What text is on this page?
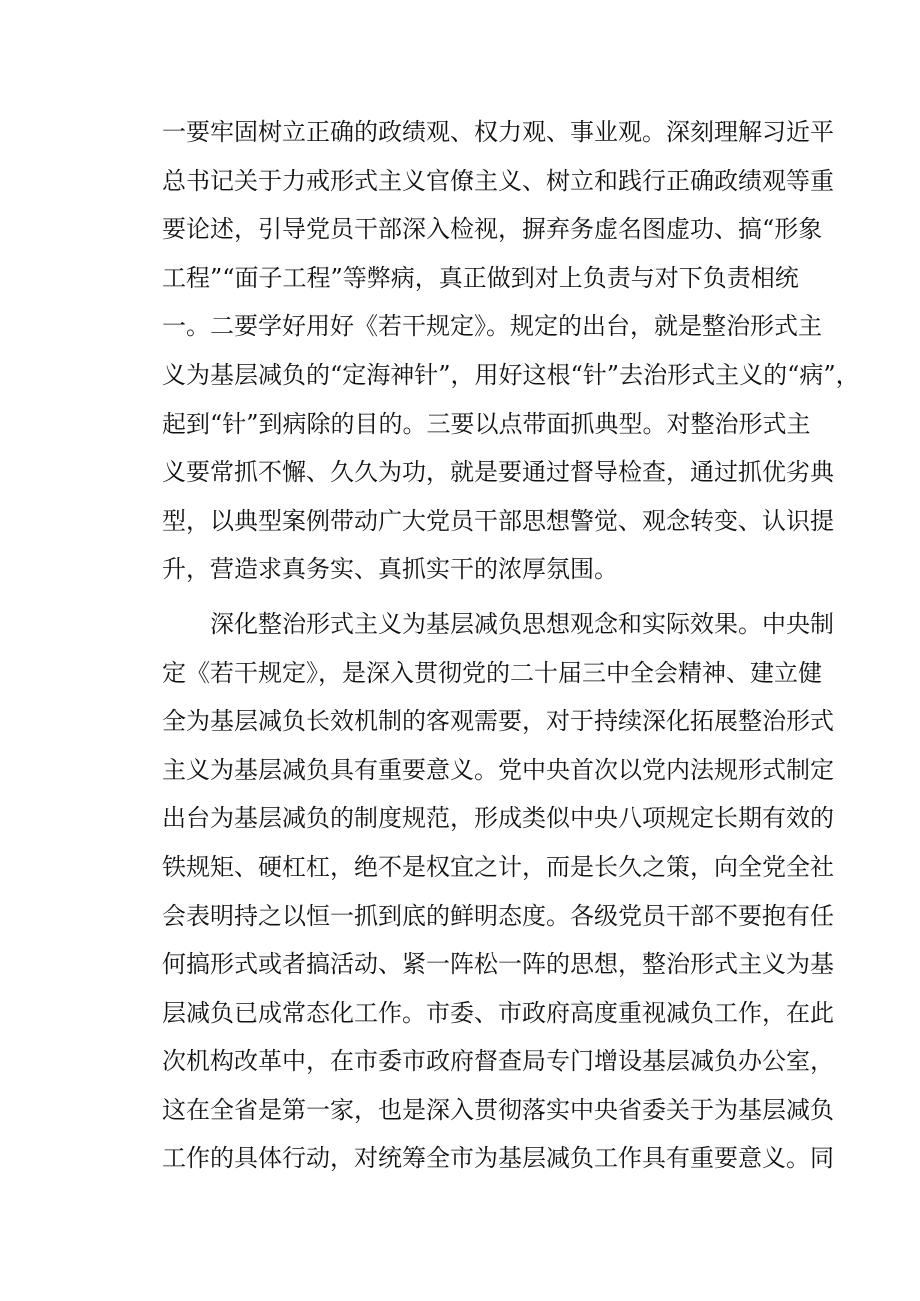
一要牢固树立正确的政绩观、权力观、事业观。深刻理解习近平
总书记关于力戒形式主义官僚主义、树立和践行正确政绩观等重
要论述，引导党员干部深入检视，摒弃务虚名图虚功、搞“形象
工程”“面子工程”等弊病，真正做到对上负责与对下负责相统
一。二要学好用好《若干规定》。规定的出台，就是整治形式主
义为基层减负的“定海神针”，用好这根“针”去治形式主义的“病”，
起到“针”到病除的目的。三要以点带面抓典型。对整治形式主
义要常抓不懈、久久为功，就是要通过督导检查，通过抓优劣典
型，以典型案例带动广大党员干部思想警觉、观念转变、认识提
升，营造求真务实、真抓实干的浓厚氛围。
深化整治形式主义为基层减负思想观念和实际效果。中央制
定《若干规定》，是深入贯彻党的二十届三中全会精神、建立健
全为基层减负长效机制的客观需要，对于持续深化拓展整治形式
主义为基层减负具有重要意义。党中央首次以党内法规形式制定
出台为基层减负的制度规范，形成类似中央八项规定长期有效的
铁规矩、硬杠杠，绝不是权宜之计，而是长久之策，向全党全社
会表明持之以恒一抓到底的鲜明态度。各级党员干部不要抱有任
何搞形式或者搞活动、紧一阵松一阵的思想，整治形式主义为基
层减负已成常态化工作。市委、市政府高度重视减负工作，在此
次机构改革中，在市委市政府督查局专门增设基层减负办公室，
这在全省是第一家，也是深入贯彻落实中央省委关于为基层减负
工作的具体行动，对统筹全市为基层减负工作具有重要意义。同
